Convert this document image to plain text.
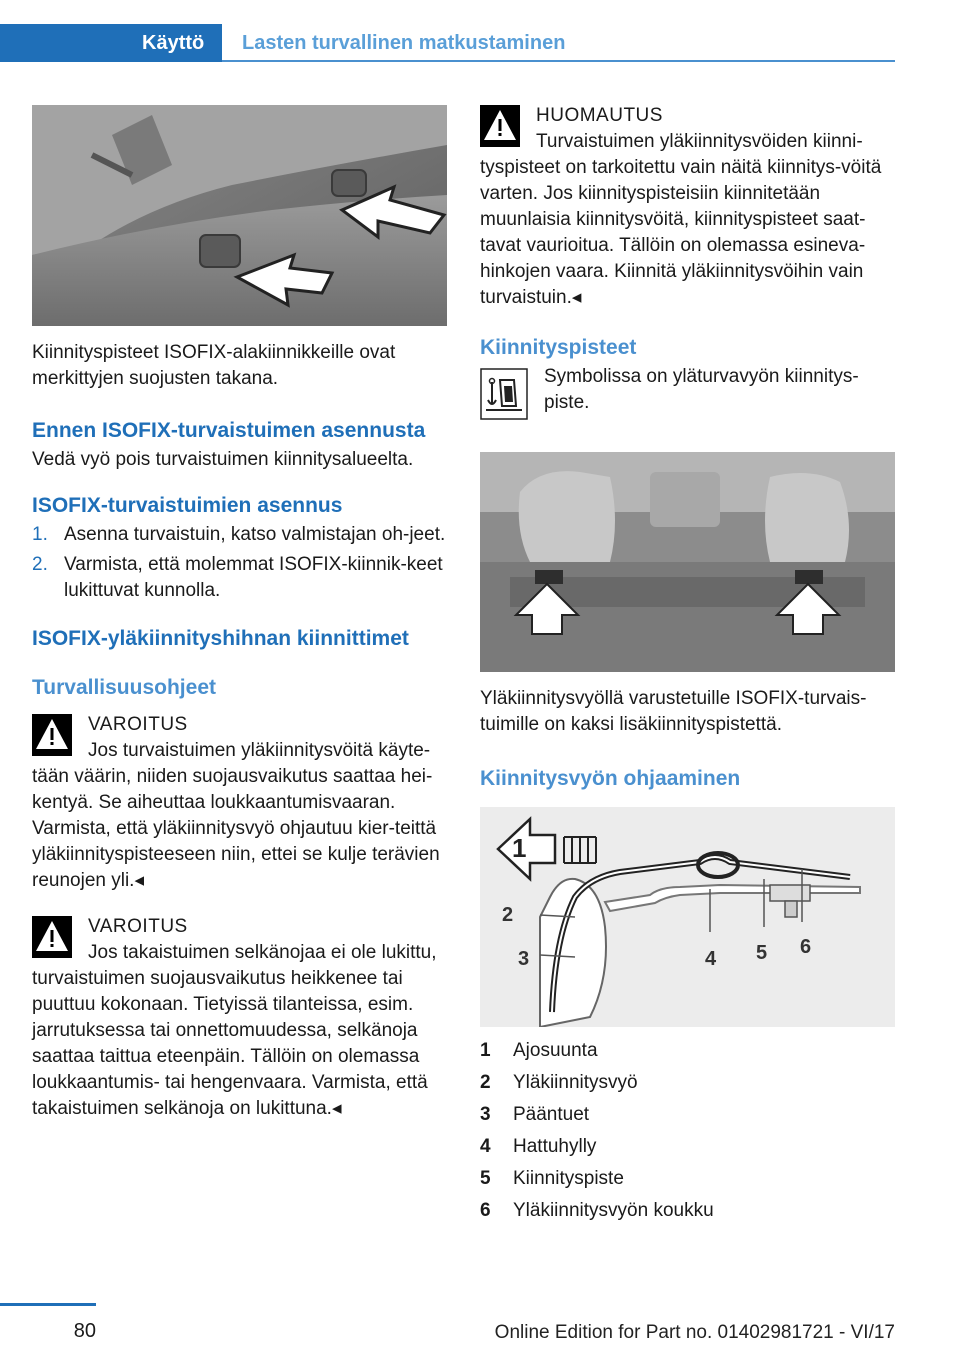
Käyttö	Lasten turvallinen matkustaminen
Kiinnityspisteet ISOFIX-alakiinnikkeille ovat merkittyjen suojusten takana.
Ennen ISOFIX-turvaistuimen asennusta
Vedä vyö pois turvaistuimen kiinnitysalueelta.
ISOFIX-turvaistuimien asennus
1. Asenna turvaistuin, katso valmistajan oh-jeet.
2. Varmista, että molemmat ISOFIX-kiinnik-keet lukittuvat kunnolla.
ISOFIX-yläkiinnityshihnan kiinnittimet
Turvallisuusohjeet
VAROITUS
Jos turvaistuimen yläkiinnitysvöitä käyte-
tään väärin, niiden suojausvaikutus saattaa hei-kentyä. Se aiheuttaa loukkaantumisvaaran. Varmista, että yläkiinnitysvyö ohjautuu kier-teittä yläkiinnityspisteeseen niin, ettei se kulje terävien reunojen yli.◂
VAROITUS
Jos takaistuimen selkänojaa ei ole lukittu,
turvaistuimen suojausvaikutus heikkenee tai puuttuu kokonaan. Tietyissä tilanteissa, esim. jarrutuksessa tai onnettomuudessa, selkänoja saattaa taittua eteenpäin. Tällöin on olemassa loukkaantumis- tai hengenvaara. Varmista, että takaistuimen selkänoja on lukittuna.◂
HUOMAUTUS
Turvaistuimen yläkiinnitysvöiden kiinni-
tyspisteet on tarkoitettu vain näitä kiinnitys-vöitä varten. Jos kiinnityspisteisiin kiinnitetään muunlaisia kiinnitysvöitä, kiinnityspisteet saat-tavat vaurioitua. Tällöin on olemassa esineva-hinkojen vaara. Kiinnitä yläkiinnitysvöihin vain turvaistuin.◂
Kiinnityspisteet
Symbolissa on yläturvavyön kiinnitys-piste.
Yläkiinnitysvyöllä varustetuille ISOFIX-turvais-tuimille on kaksi lisäkiinnityspistettä.
Kiinnitysvyön ohjaaminen
1
2
3	4 5 6
1 Ajosuunta
2 Yläkiinnitysvyö
3 Pääntuet
4 Hattuhylly
5 Kiinnityspiste
6 Yläkiinnitysvyön koukku
80	Online Edition for Part no. 01402981721 - VI/17
